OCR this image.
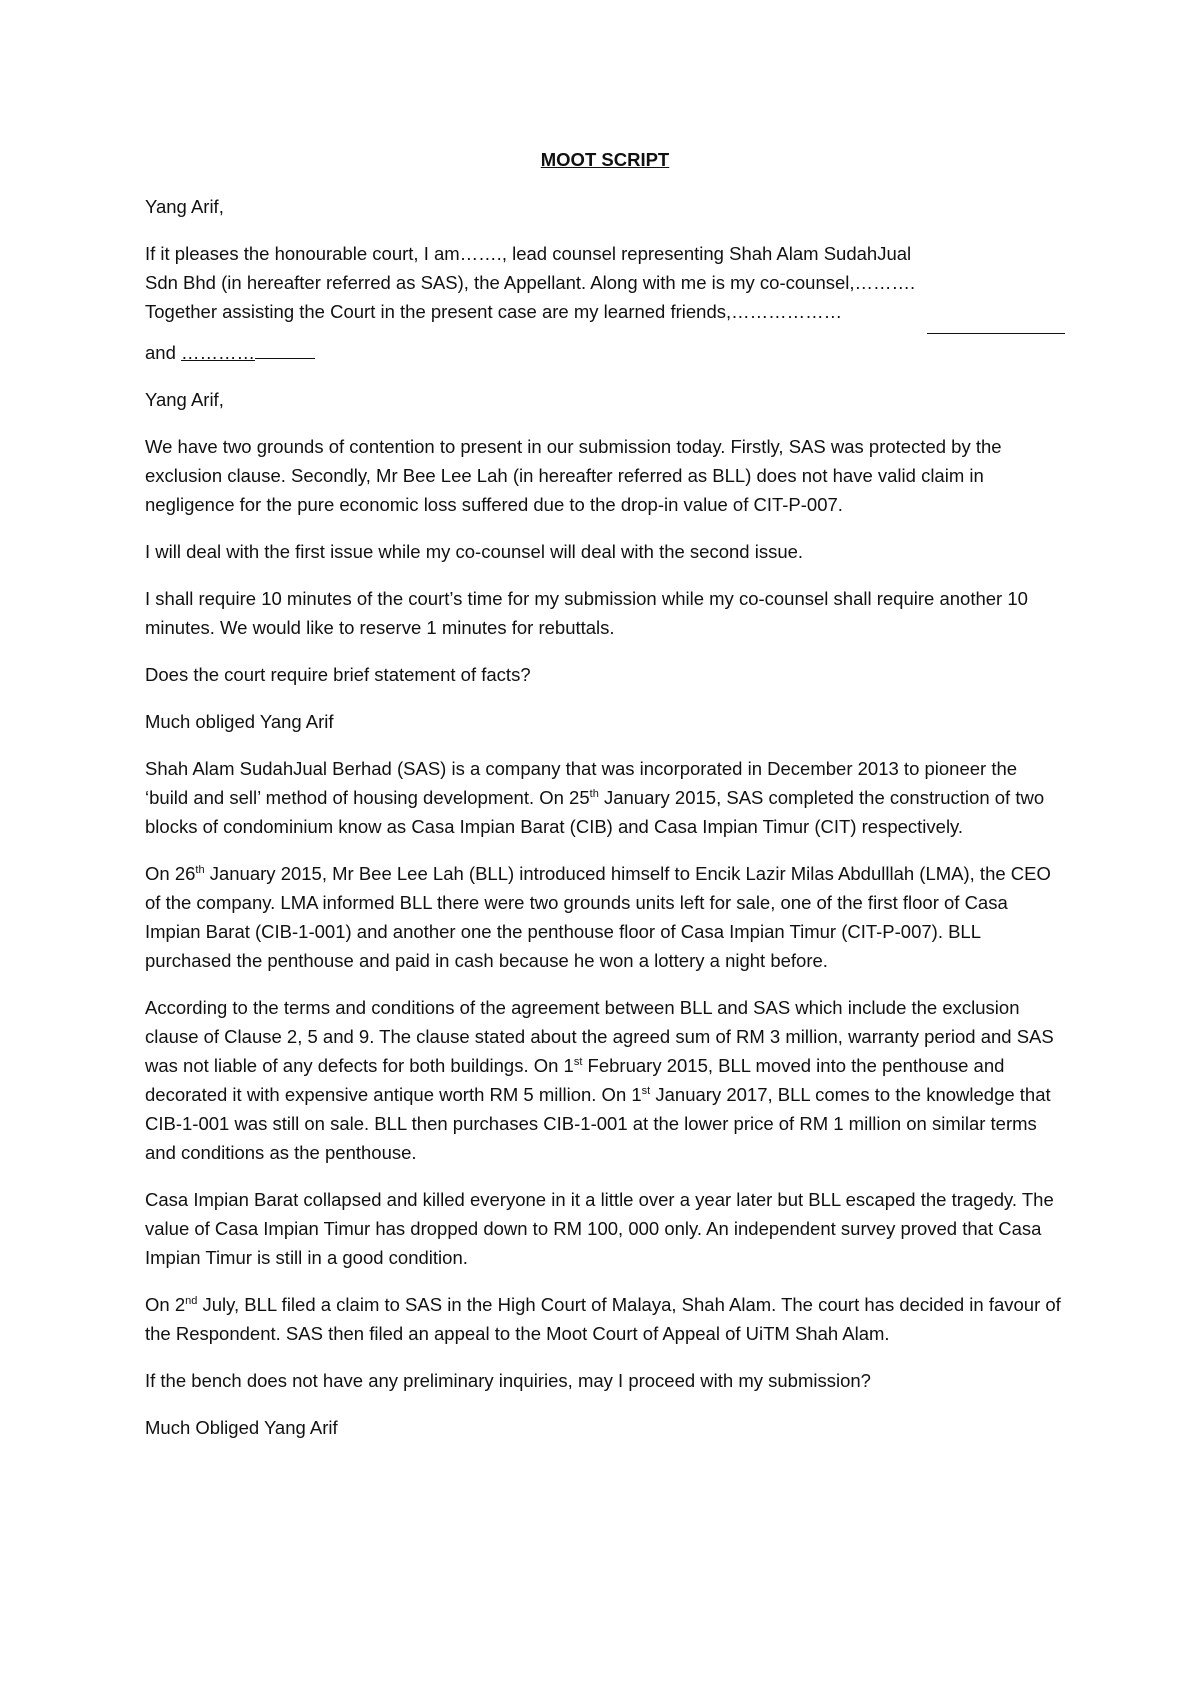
MOOT SCRIPT

Yang Arif,

If it pleases the honourable court, I am……., lead counsel representing Shah Alam SudahJual Sdn Bhd (in hereafter referred as SAS), the Appellant. Along with me is my co-counsel,………. Together assisting the Court in the present case are my learned friends,………………

and …………

Yang Arif,

We have two grounds of contention to present in our submission today. Firstly, SAS was protected by the exclusion clause. Secondly, Mr Bee Lee Lah (in hereafter referred as BLL) does not have valid claim in negligence for the pure economic loss suffered due to the drop-in value of CIT-P-007.

I will deal with the first issue while my co-counsel will deal with the second issue.

I shall require 10 minutes of the court’s time for my submission while my co-counsel shall require another 10 minutes. We would like to reserve 1 minutes for rebuttals.

Does the court require brief statement of facts?

Much obliged Yang Arif

Shah Alam SudahJual Berhad (SAS) is a company that was incorporated in December 2013 to pioneer the ‘build and sell’ method of housing development. On 25th January 2015, SAS completed the construction of two blocks of condominium know as Casa Impian Barat (CIB) and Casa Impian Timur (CIT) respectively.

On 26th January 2015, Mr Bee Lee Lah (BLL) introduced himself to Encik Lazir Milas Abdulllah (LMA), the CEO of the company. LMA informed BLL there were two grounds units left for sale, one of the first floor of Casa Impian Barat (CIB-1-001) and another one the penthouse floor of Casa Impian Timur (CIT-P-007). BLL purchased the penthouse and paid in cash because he won a lottery a night before.

According to the terms and conditions of the agreement between BLL and SAS which include the exclusion clause of Clause 2, 5 and 9. The clause stated about the agreed sum of RM 3 million, warranty period and SAS was not liable of any defects for both buildings. On 1st February 2015, BLL moved into the penthouse and decorated it with expensive antique worth RM 5 million. On 1st January 2017, BLL comes to the knowledge that CIB-1-001 was still on sale. BLL then purchases CIB-1-001 at the lower price of RM 1 million on similar terms and conditions as the penthouse.

Casa Impian Barat collapsed and killed everyone in it a little over a year later but BLL escaped the tragedy. The value of Casa Impian Timur has dropped down to RM 100, 000 only. An independent survey proved that Casa Impian Timur is still in a good condition.

On 2nd July, BLL filed a claim to SAS in the High Court of Malaya, Shah Alam. The court has decided in favour of the Respondent. SAS then filed an appeal to the Moot Court of Appeal of UiTM Shah Alam.

If the bench does not have any preliminary inquiries, may I proceed with my submission?

Much Obliged Yang Arif
